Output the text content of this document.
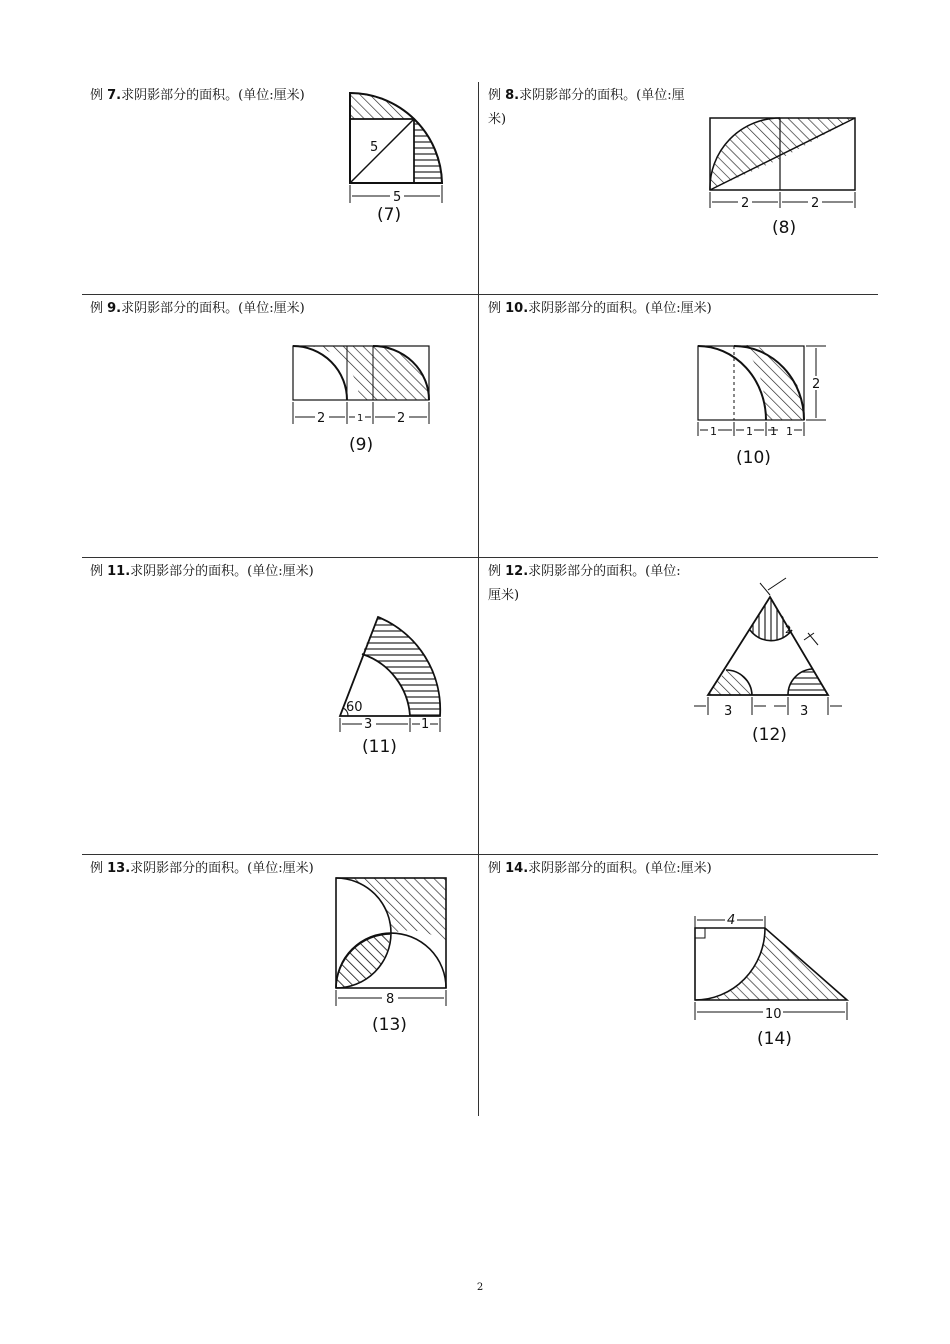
例 7.求阴影部分的面积。(单位:厘米)	例 8.求阴影部分的面积。(单位:厘
米)
例 9.求阴影部分的面积。(单位:厘米)	例 10.求阴影部分的面积。(单位:厘米)
例 11.求阴影部分的面积。(单位:厘米)	例 12.求阴影部分的面积。(单位:
厘米)
例 13.求阴影部分的面积。(单位:厘米)	例 14.求阴影部分的面积。(单位:厘米)
5
5
(7)
2	2
(8)
2	1	2
(9)
2
1	1 1 1
(10)
60
3	1
(11)
2
3	3
(12)
8
(13)
4
10
(14)
2
